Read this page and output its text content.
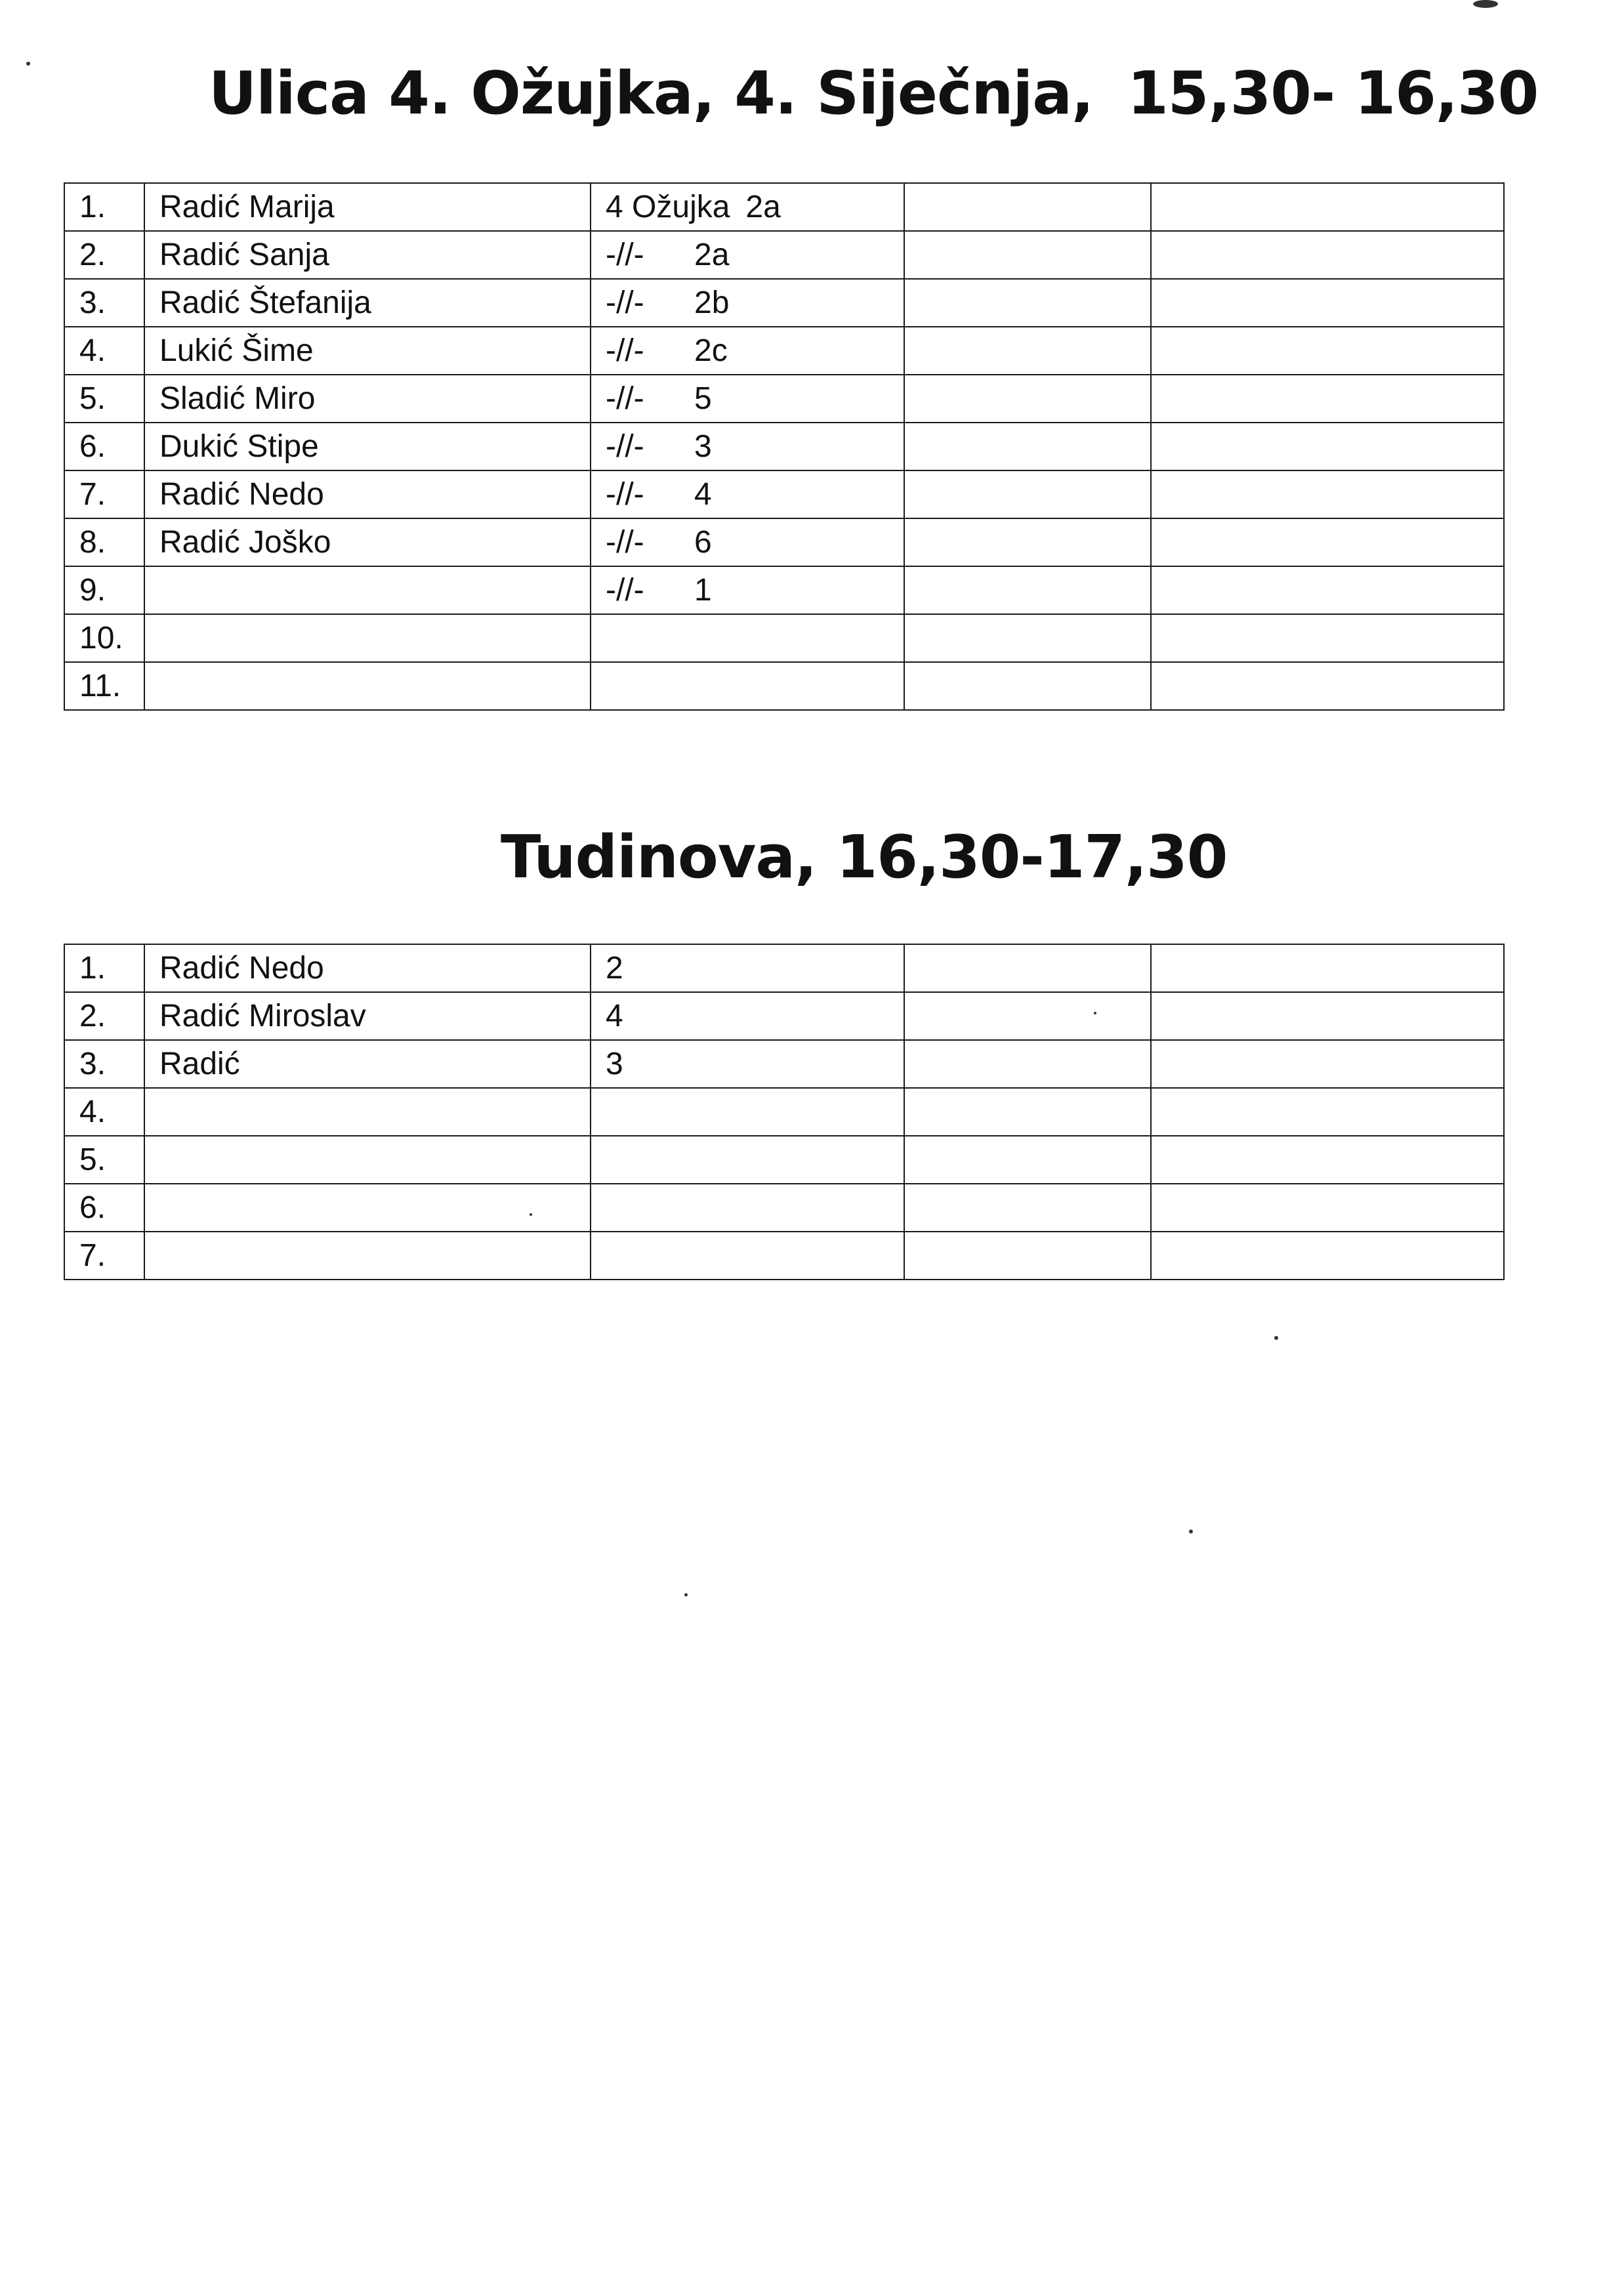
Ulica 4. Ožujka, 4. Siječnja, 15,30- 16,30
1.	Radić Marija	4 Ožujka 2a		
2.	Radić Sanja	-//- 2a		
3.	Radić Štefanija	-//- 2b		
4.	Lukić Šime	-//- 2c		
5.	Sladić Miro	-//- 5		
6.	Dukić Stipe	-//- 3		
7.	Radić Nedo	-//- 4		
8.	Radić Joško	-//- 6		
9.		-//- 1		
10.				
11.				
Tudinova, 16,30-17,30
1.	Radić Nedo	2		
2.	Radić Miroslav	4		
3.	Radić	3		
4.				
5.				
6.				
7.				
